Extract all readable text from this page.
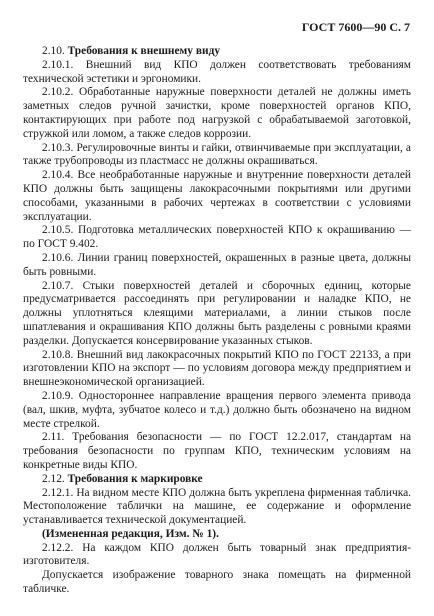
ГОСТ 7600—90 С. 7

2.10. Требования к внешнему виду

2.10.1. Внешний вид КПО должен соответствовать требованиям технической эстетики и эргономики.

2.10.2. Обработанные наружные поверхности деталей не должны иметь заметных следов ручной зачистки, кроме поверхностей органов КПО, контактирующих при работе под нагрузкой с обрабатываемой заготовкой, стружкой или ломом, а также следов коррозии.

2.10.3. Регулировочные винты и гайки, отвинчиваемые при эксплуатации, а также трубопроводы из пластмасс не должны окрашиваться.

2.10.4. Все необработанные наружные и внутренние поверхности деталей КПО должны быть защищены лакокрасочными покрытиями или другими способами, указанными в рабочих чертежах в соответствии с условиями эксплуатации.

2.10.5. Подготовка металлических поверхностей КПО к окрашиванию — по ГОСТ 9.402.

2.10.6. Линии границ поверхностей, окрашенных в разные цвета, должны быть ровными.

2.10.7. Стыки поверхностей деталей и сборочных единиц, которые предусматривается рассоединять при регулировании и наладке КПО, не должны уплотняться клеящими материалами, а линии стыков после шпатлевания и окрашивания КПО должны быть разделены с ровными краями разделки. Допускается консервирование указанных стыков.

2.10.8. Внешний вид лакокрасочных покрытий КПО по ГОСТ 22133, а при изготовлении КПО на экспорт — по условиям договора между предприятием и внешнеэкономической организацией.

2.10.9. Одностороннее направление вращения первого элемента привода (вал, шкив, муфта, зубчатое колесо и т.д.) должно быть обозначено на видном месте стрелкой.

2.11. Требования безопасности — по ГОСТ 12.2.017, стандартам на требования безопасности по группам КПО, техническим условиям на конкретные виды КПО.

2.12. Требования к маркировке

2.12.1. На видном месте КПО должна быть укреплена фирменная табличка. Местоположение таблички на машине, ее содержание и оформление устанавливается технической документацией.

(Измененная редакция, Изм. № 1).

2.12.2. На каждом КПО должен быть товарный знак предприятия-изготовителя.

Допускается изображение товарного знака помещать на фирменной табличке.
